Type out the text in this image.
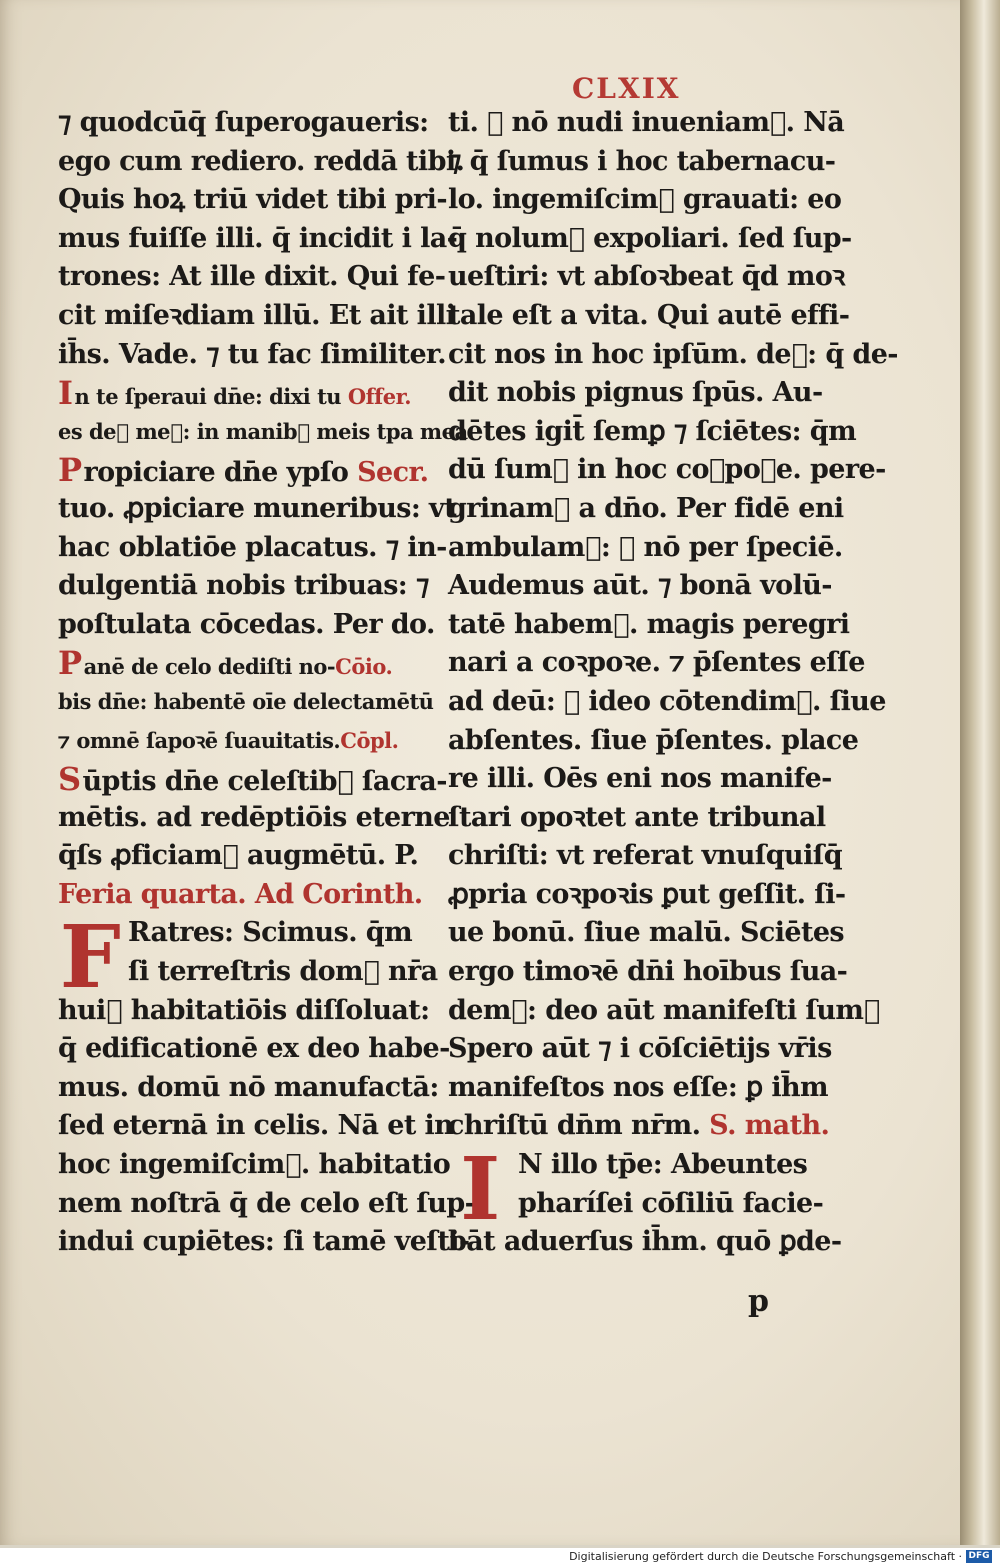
CLXIX
⁊ quodcūq̄ ſuperogaueris:
ego cum rediero. reddā tibi.
Quis hoꝝ triū videt tibi pri-
mus fuiſſe illi. q̄ incidit i la-
trones: At ille dixit. Qui fe-
cit miſeꝛdiam illū. Et ait illi
ih̄s. Vade. ⁊ tu fac ſimiliter.
In te ſperaui dn̄e: dixi tu Offer.
es de᷑ me᷑: in manib᷑ meis tpa mea
Propiciare dn̄e ypſo Secr.
tuo. ꝓpiciare muneribus: vt
hac oblatiōe placatus. ⁊ in-
dulgentiā nobis tribuas: ⁊
poſtulata cōcedas. Per do.
Panē de celo dediſti no-Cōio.
bis dn̄e: habentē oīe delectamētū
⁊ omnē ſapoꝛē ſuauitatis.Cōpl.
Sūptis dn̄e celeſtib᷑ ſacra-
mētis. ad redēptiōis eterne
q̄ſs ꝓficiam᷑ augmētū. P.
Feria quarta. Ad Corinth.
F Ratres: Scimus. q̄m
ſi terreſtris dom᷑ nr̄a
hui᷑ habitatiōis diſſoluat:
q̄ edificationē ex deo habe-
mus. domū nō manufactā:
ſed eternā in celis. Nā et in
hoc ingemiſcim᷑. habitatio
nem noſtrā q̄ de celo eſt ſup-
indui cupiētes: ſi tamē veſti-
ti. ⁊ nō nudi inueniam᷑. Nā
⁊ q̄ ſumus i hoc tabernacu-
lo. ingemiſcim᷑ grauati: eo
q̄ nolum᷑ expoliari. ſed ſup-
ueſtiri: vt abſoꝛbeat q̄d moꝛ
tale eſt a vita. Qui autē effi-
cit nos in hoc ipſūm. de᷑: q̄ de-
dit nobis pignus ſpūs. Au-
dētes igit̄ ſemꝑ ⁊ ſciētes: q̄m
dū ſum᷑ in hoc coꝛpoꝛe. pere-
grinam᷑ a dn̄o. Per fidē eni
ambulam᷑: ⁊ nō per ſpeciē.
Audemus aūt. ⁊ bonā volū-
tatē habem᷑. magis peregri
nari a coꝛpoꝛe. ⁊ p̄ſentes eſſe
ad deū: ⁊ ideo cōtendim᷑. ſiue
abſentes. ſiue p̄ſentes. place
re illi. Oēs eni nos manife-
ſtari opoꝛtet ante tribunal
chriſti: vt referat vnuſquiſq̄
ꝓpria coꝛpoꝛis ꝑut geſſit. ſi-
ue bonū. ſiue malū. Sciētes
ergo timoꝛē dn̄i hoībus ſua-
dem᷑: deo aūt manifeſti ſum᷑
Spero aūt ⁊ i cōſciētijs vr̄is
manifeſtos nos eſſe: ꝑ ih̄m
chriſtū dn̄m nr̄m. S. math.
I N illo tp̄e: Abeuntes
pharíſei cōſiliū facie-
bāt aduerſus ih̄m. quō ꝑde-
p
Digitalisierung gefördert durch die Deutsche Forschungsgemeinschaft · DFG
